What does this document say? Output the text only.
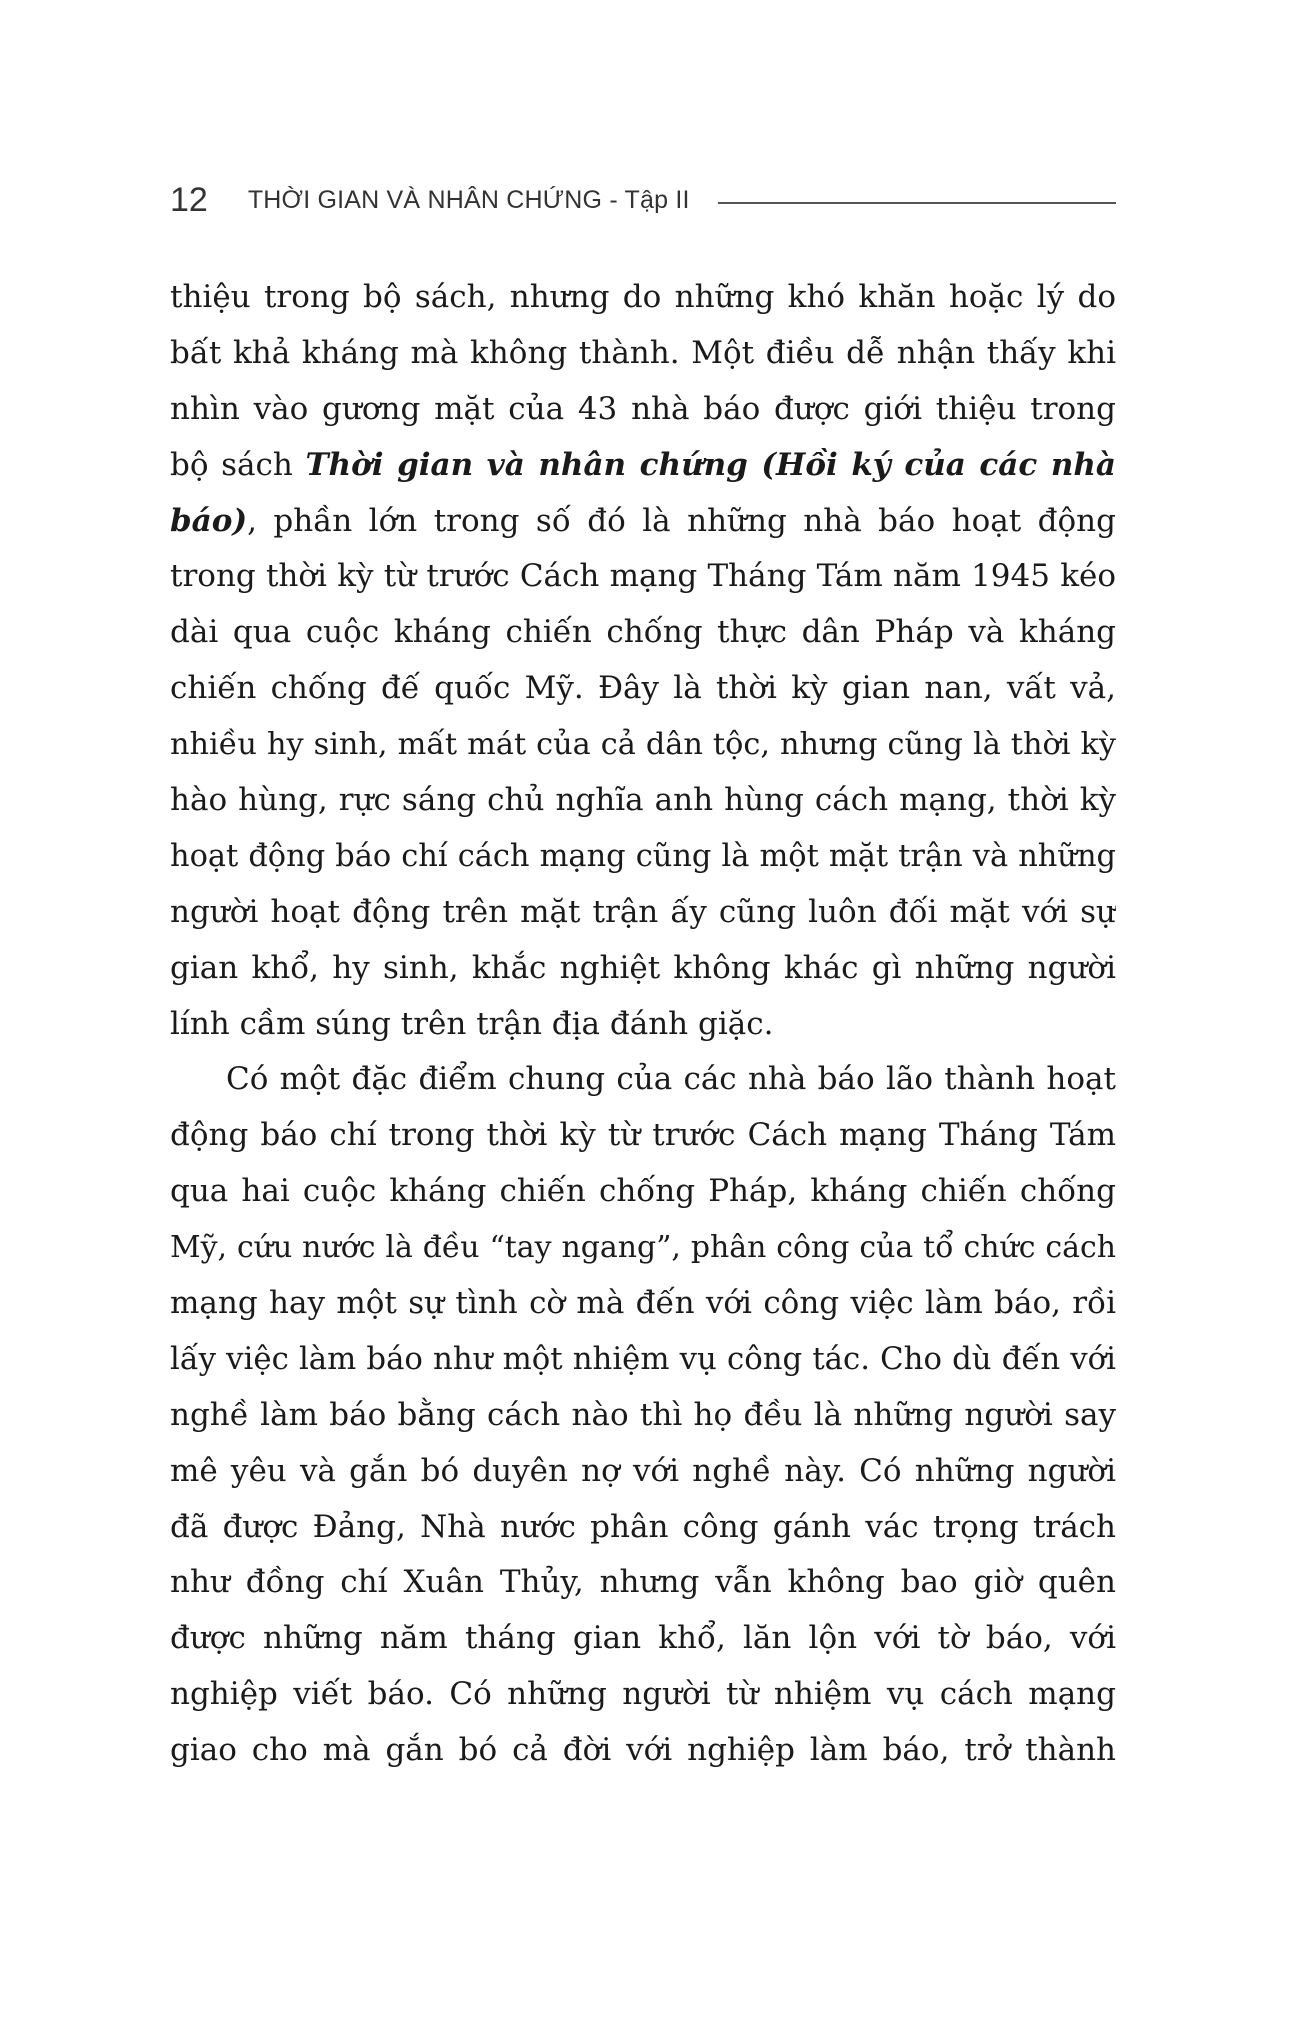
12 THỜI GIAN VÀ NHÂN CHỨNG - Tập II
thiệu trong bộ sách, nhưng do những khó khăn hoặc lý do
bất khả kháng mà không thành. Một điều dễ nhận thấy khi
nhìn vào gương mặt của 43 nhà báo được giới thiệu trong
bộ sách Thời gian và nhân chứng (Hồi ký của các nhà
báo), phần lớn trong số đó là những nhà báo hoạt động
trong thời kỳ từ trước Cách mạng Tháng Tám năm 1945 kéo
dài qua cuộc kháng chiến chống thực dân Pháp và kháng
chiến chống đế quốc Mỹ. Đây là thời kỳ gian nan, vất vả,
nhiều hy sinh, mất mát của cả dân tộc, nhưng cũng là thời kỳ
hào hùng, rực sáng chủ nghĩa anh hùng cách mạng, thời kỳ
hoạt động báo chí cách mạng cũng là một mặt trận và những
người hoạt động trên mặt trận ấy cũng luôn đối mặt với sự
gian khổ, hy sinh, khắc nghiệt không khác gì những người
lính cầm súng trên trận địa đánh giặc.
Có một đặc điểm chung của các nhà báo lão thành hoạt
động báo chí trong thời kỳ từ trước Cách mạng Tháng Tám
qua hai cuộc kháng chiến chống Pháp, kháng chiến chống
Mỹ, cứu nước là đều “tay ngang”, phân công của tổ chức cách
mạng hay một sự tình cờ mà đến với công việc làm báo, rồi
lấy việc làm báo như một nhiệm vụ công tác. Cho dù đến với
nghề làm báo bằng cách nào thì họ đều là những người say
mê yêu và gắn bó duyên nợ với nghề này. Có những người
đã được Đảng, Nhà nước phân công gánh vác trọng trách
như đồng chí Xuân Thủy, nhưng vẫn không bao giờ quên
được những năm tháng gian khổ, lăn lộn với tờ báo, với
nghiệp viết báo. Có những người từ nhiệm vụ cách mạng
giao cho mà gắn bó cả đời với nghiệp làm báo, trở thành
